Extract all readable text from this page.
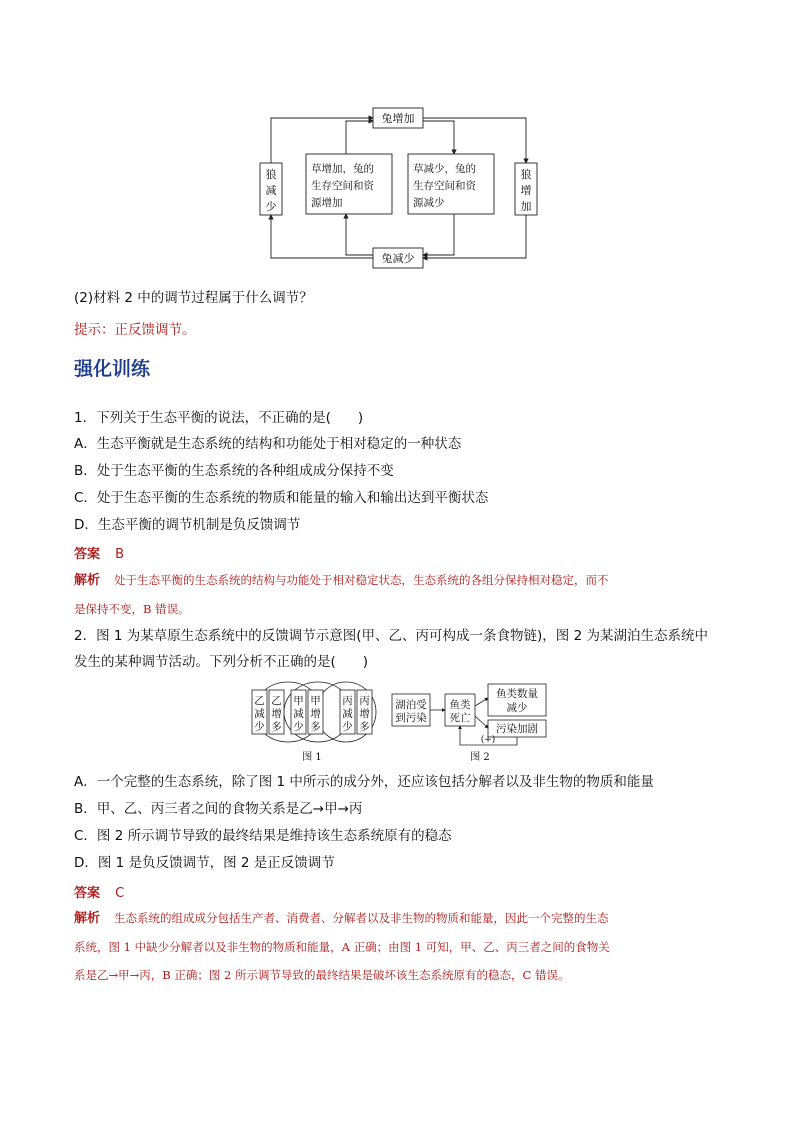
兔增加
兔减少
狼
减
少
狼
增
加
草增加，兔的
生存空间和资
源增加
草减少，兔的
生存空间和资
源减少
(2)材料 2 中的调节过程属于什么调节？
提示：正反馈调节。
强化训练
1．下列关于生态平衡的说法，不正确的是(　　)
A．生态平衡就是生态系统的结构和功能处于相对稳定的一种状态
B．处于生态平衡的生态系统的各种组成成分保持不变
C．处于生态平衡的生态系统的物质和能量的输入和输出达到平衡状态
D．生态平衡的调节机制是负反馈调节
答案 B
解析 处于生态平衡的生态系统的结构与功能处于相对稳定状态，生态系统的各组分保持相对稳定，而不
是保持不变，B 错误。
2．图 1 为某草原生态系统中的反馈调节示意图(甲、乙、丙可构成一条食物链)，图 2 为某湖泊生态系统中
发生的某种调节活动。下列分析不正确的是(　　)
乙
减
少
乙
增
多
甲
减
少
甲
增
多
丙
减
少
丙
增
多
图 1
湖泊受
到污染
鱼类
死亡
鱼类数量
减少
污染加剧
(+)
图 2
A．一个完整的生态系统，除了图 1 中所示的成分外，还应该包括分解者以及非生物的物质和能量
B．甲、乙、丙三者之间的食物关系是乙→甲→丙
C．图 2 所示调节导致的最终结果是维持该生态系统原有的稳态
D．图 1 是负反馈调节，图 2 是正反馈调节
答案 C
解析 生态系统的组成成分包括生产者、消费者、分解者以及非生物的物质和能量，因此一个完整的生态
系统，图 1 中缺少分解者以及非生物的物质和能量，A 正确；由图 1 可知，甲、乙、丙三者之间的食物关
系是乙→甲→丙，B 正确；图 2 所示调节导致的最终结果是破坏该生态系统原有的稳态，C 错误。
